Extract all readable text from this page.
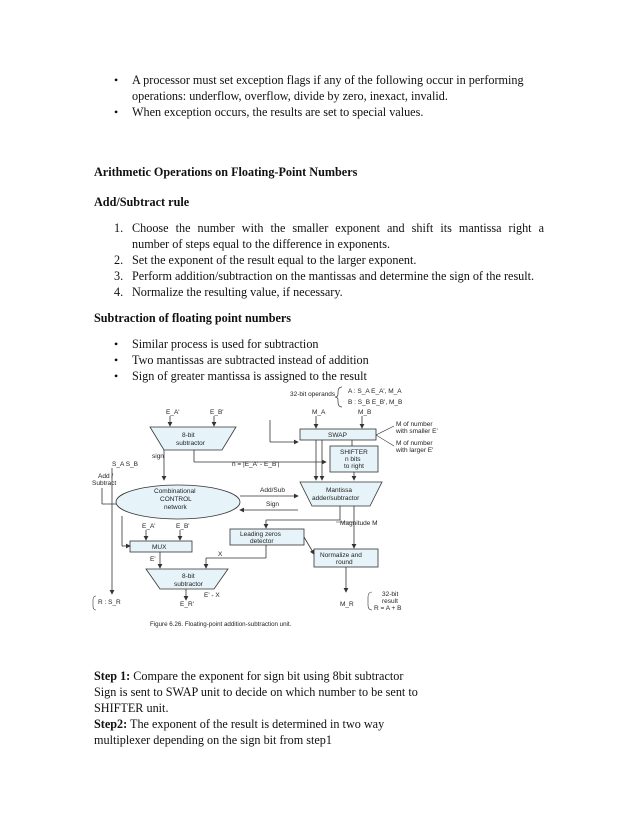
• A processor must set exception flags if any of the following occur in performing
operations: underflow, overflow, divide by zero, inexact, invalid.
• When exception occurs, the results are set to special values.
Arithmetic Operations on Floating-Point Numbers
Add/Subtract rule
1. Choose the number with the smaller exponent and shift its mantissa right a
number of steps equal to the difference in exponents.
2. Set the exponent of the result equal to the larger exponent.
3. Perform addition/subtraction on the mantissas and determine the sign of the result.
4. Normalize the resulting value, if necessary.
Subtraction of floating point numbers
• Similar process is used for subtraction
• Two mantissas are subtracted instead of addition
• Sign of greater mantissa is assigned to the result
32-bit operands A : S_A E_A', M_A
B : S_B E_B', M_B
E_A'	E_B'
8-bit
subtractor
M_A	M_B
SWAP
M of number
with smaller E'
M of number
with larger E'
SHIFTER
n bits
to right
sign
S_A S_B	n = |E_A' - E_B'|
Add /
Subtract
Combinational
CONTROL
network
Add/Sub
Sign
Mantissa
adder/subtractor
Magnitude M
Leading zeros
detector
E_A'	E_B'
MUX
E'
X	Normalize and
round
8-bit
subtractor
E' - X
R : S_R	E_R'	M_R
32-bit
result
R = A + B
Figure 6.26. Floating-point addition-subtraction unit.
Step 1: Compare the exponent for sign bit using 8bit subtractor
Sign is sent to SWAP unit to decide on which number to be sent to
SHIFTER unit.
Step2: The exponent of the result is determined in two way
multiplexer depending on the sign bit from step1
